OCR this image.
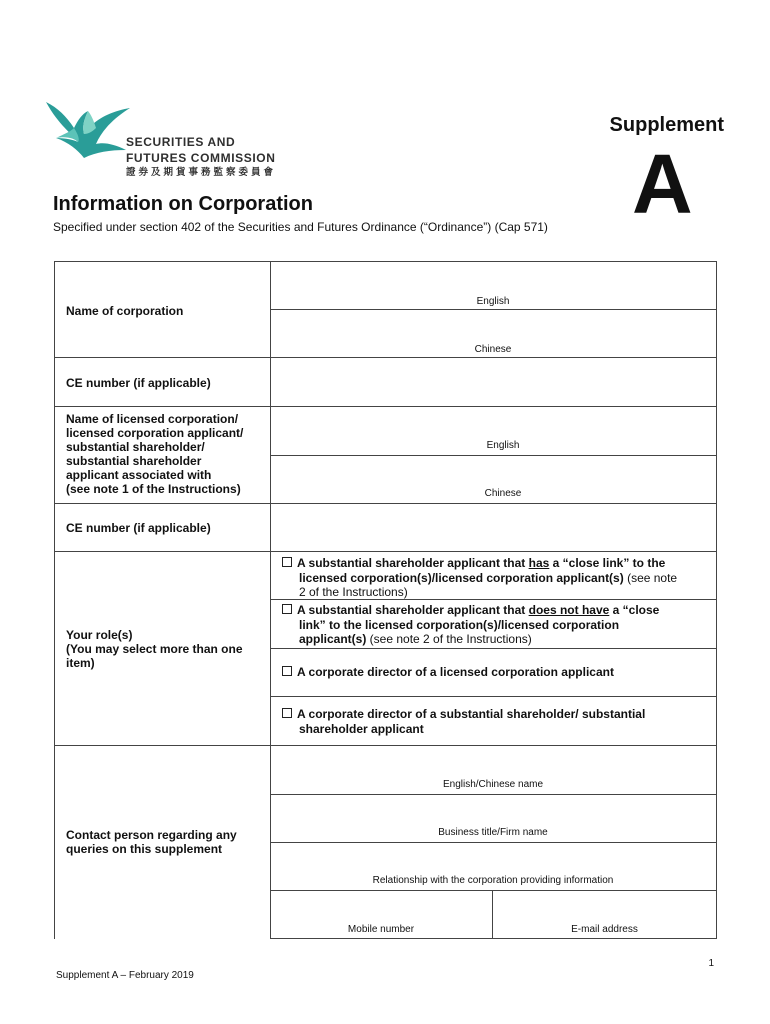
SECURITIES AND
FUTURES COMMISSION
證券及期貨事務監察委員會
Supplement
A
Information on Corporation
Specified under section 402 of the Securities and Futures Ordinance (“Ordinance”) (Cap 571)
Name of corporation
English
Chinese
CE number (if applicable)
Name of licensed corporation/
licensed corporation applicant/
substantial shareholder/
substantial shareholder
applicant associated with
(see note 1 of the Instructions)
English
Chinese
CE number (if applicable)
Your role(s)
(You may select more than one
item)
A substantial shareholder applicant that has a “close link” to the
licensed corporation(s)/licensed corporation applicant(s) (see note
2 of the Instructions)
A substantial shareholder applicant that does not have a “close
link” to the licensed corporation(s)/licensed corporation
applicant(s) (see note 2 of the Instructions)
A corporate director of a licensed corporation applicant
A corporate director of a substantial shareholder/ substantial
shareholder applicant
Contact person regarding any
queries on this supplement
English/Chinese name
Business title/Firm name
Relationship with the corporation providing information
Mobile number	E-mail address
1
Supplement A – February 2019
